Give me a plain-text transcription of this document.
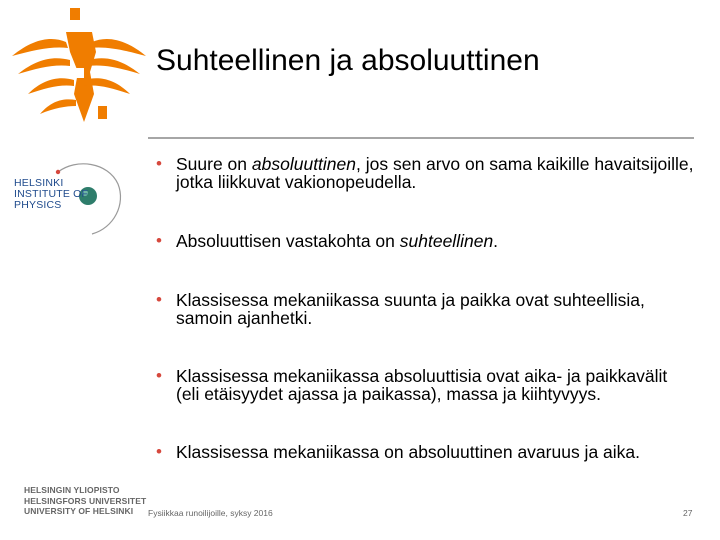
Suhteellinen ja absoluuttinen
HELSINKI
INSTITUTE OF
PHYSICS
• Suure on absoluuttinen, jos sen arvo on sama kaikille havaitsijoille, jotka liikkuvat vakionopeudella.
• Absoluuttisen vastakohta on suhteellinen.
• Klassisessa mekaniikassa suunta ja paikka ovat suhteellisia, samoin ajanhetki.
• Klassisessa mekaniikassa absoluuttisia ovat aika- ja paikkavälit (eli etäisyydet ajassa ja paikassa), massa ja kiihtyvyys.
• Klassisessa mekaniikassa on absoluuttinen avaruus ja aika.
HELSINGIN YLIOPISTO
HELSINGFORS UNIVERSITET
UNIVERSITY OF HELSINKI	Fysiikkaa runoilijoille, syksy 2016	27
